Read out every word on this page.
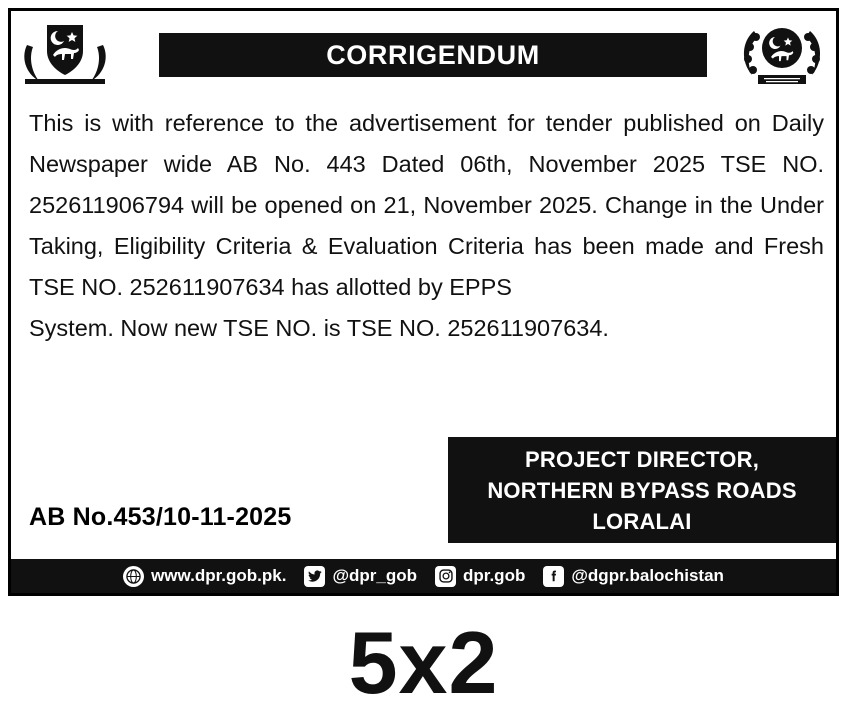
CORRIGENDUM
This is with reference to the advertisement for tender published on Daily Newspaper wide AB No. 443 Dated 06th, November 2025 TSE NO. 252611906794 will be opened on 21, November 2025. Change in the Under Taking, Eligibility Criteria & Evaluation Criteria has been made and Fresh TSE NO. 252611907634 has allotted by EPPS
System. Now new TSE NO. is TSE NO. 252611907634.
AB No.453/10-11-2025
PROJECT DIRECTOR,
NORTHERN BYPASS ROADS
LORALAI
www.dpr.gob.pk.	@dpr_gob	dpr.gob	@dgpr.balochistan
5x2
